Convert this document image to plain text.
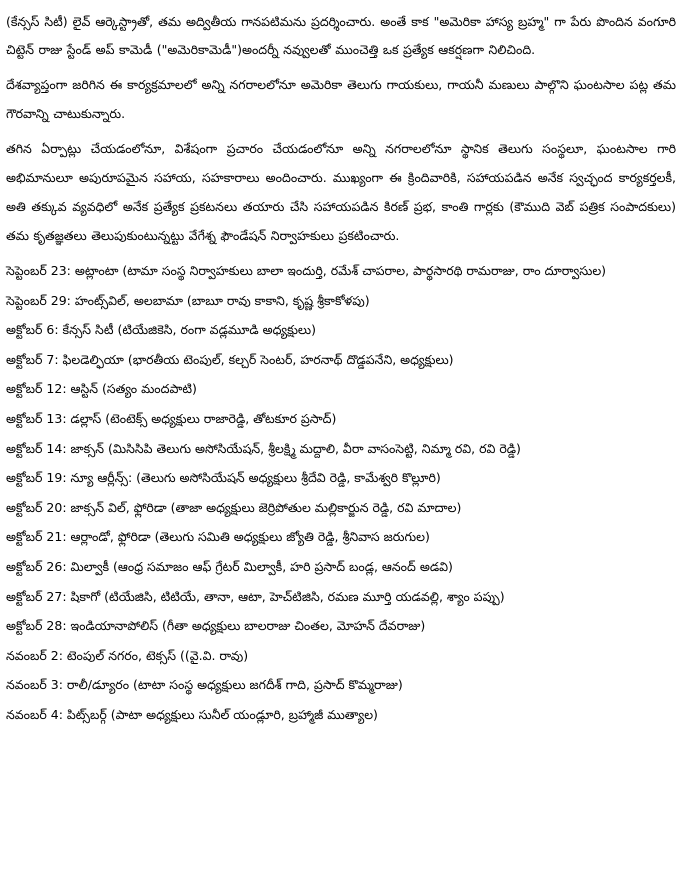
(కేన్సస్ సిటీ) లైవ్ ఆర్కెస్ట్రాతో, తమ అద్వితీయ గానపటిమను ప్రదర్శించారు. అంతే కాక "అమెరికా హాస్య బ్రహ్మ" గా పేరు పొందిన వంగూరి చిట్టెన్ రాజు స్టేండ్ అప్ కామెడీ ("అమెరికామెడీ")అందర్నీ నవ్వులతో ముంచెత్తి ఒక ప్రత్యేక ఆకర్షణగా నిలిచింది.

దేశవ్యాప్తంగా జరిగిన ఈ కార్యక్రమాలలో అన్ని నగరాలలోనూ అమెరికా తెలుగు గాయకులు, గాయనీ మణులు పాల్గొని ఘంటసాల పట్ల తమ గౌరవాన్ని చాటుకున్నారు.

తగిన ఏర్పాట్లు చేయడంలోనూ, విశేషంగా ప్రచారం చేయడంలోనూ అన్ని నగరాలలోనూ స్థానిక తెలుగు సంస్థలూ, ఘంటసాల గారి అభిమానులూ అపురూపమైన సహాయ, సహకారాలు అందించారు. ముఖ్యంగా ఈ క్రిందివారికి, సహాయపడిన అనేక స్వచ్ఛంద కార్యకర్తలకీ, అతి తక్కువ వ్యవధిలో అనేక ప్రత్యేక ప్రకటనలు తయారు చేసి సహాయపడిన కిరణ్ ప్రభ, కాంతి గార్లకు (కౌముది వెబ్ పత్రిక సంపాదకులు) తమ కృతజ్ఞతలు తెలుపుకుంటున్నట్టు వేగేశ్న ఫౌండేషన్ నిర్వాహకులు ప్రకటించారు.

సెప్టెంబర్ 23: అట్లాంటా (టామా సంస్థ నిర్వాహకులు బాలా ఇందుర్తి, రమేశ్ చాపరాల, పార్థసారథి రామరాజు, రాం దూర్వాసుల)
సెప్టెంబర్ 29: హంట్స్‌విల్, అలబామా (బాబూ రావు కాకాని, కృష్ణ శ్రీకాకోళపు)
అక్టోబర్ 6: కేన్సస్ సిటీ (టియేజికెసి, రంగా వడ్లమూడి అధ్యక్షులు)
అక్టోబర్ 7: ఫిలడెల్ఫియా (భారతీయ టెంపుల్, కల్చర్ సెంటర్, హరనాథ్ దొడ్డపనేని, అధ్యక్షులు)
అక్టోబర్ 12: ఆస్టిన్ (సత్యం మందపాటి)
అక్టోబర్ 13: డల్లాస్ (టెంటెక్స్ అధ్యక్షులు రాజారెడ్డి, తోటకూర ప్రసాద్)
అక్టోబర్ 14: జాక్సన్ (మిసిసిపి తెలుగు అసోసియేషన్, శ్రీలక్ష్మి మద్దాలి, వీరా వాసంసెట్టి, నిమ్మా రవి, రవి రెడ్డి)
అక్టోబర్ 19: న్యూ ఆర్లీన్స్: (తెలుగు అసోసియేషన్ అధ్యక్షులు శ్రీదేవి రెడ్డి, కామేశ్వరి కొల్లూరి)
అక్టోబర్ 20: జాక్సన్ విల్, ఫ్లోరిడా (తాజా అధ్యక్షులు జెర్రిపోతుల మల్లికార్జున రెడ్డి, రవి మాదాల)
అక్టోబర్ 21: ఆర్లాండో, ఫ్లోరిడా (తెలుగు సమితి అధ్యక్షులు జ్యోతి రెడ్డి, శ్రీనివాస జరుగుల)
అక్టోబర్ 26: మిల్వాకీ (ఆంధ్ర సమాజం ఆఫ్ గ్రేటర్ మిల్వాకీ, హరి ప్రసాద్ బండ్ల, ఆనంద్ అడవి)
అక్టోబర్ 27: షికాగో (టియేజిసి, టిటియే, తానా, ఆటా, హెచ్‌టిజిసి, రమణ మూర్తి యడవల్లి, శ్యాం పప్పు)
అక్టోబర్ 28: ఇండియానాపోలిస్ (గీతా అధ్యక్షులు బాలరాజు చింతల, మోహన్ దేవరాజు)
నవంబర్ 2: టెంపుల్ నగరం, టెక్సస్ ((వై.వి. రావు)
నవంబర్ 3: రాలీ/డ్యూరం (టాటా సంస్థ అధ్యక్షులు జగదీశ్ గాది, ప్రసాద్ కొమ్మరాజు)
నవంబర్ 4: పిట్స్‌బర్గ్ (పాటా అధ్యక్షులు సునీల్ యండ్లూరి, బ్రహ్మాజీ ముత్యాల)
